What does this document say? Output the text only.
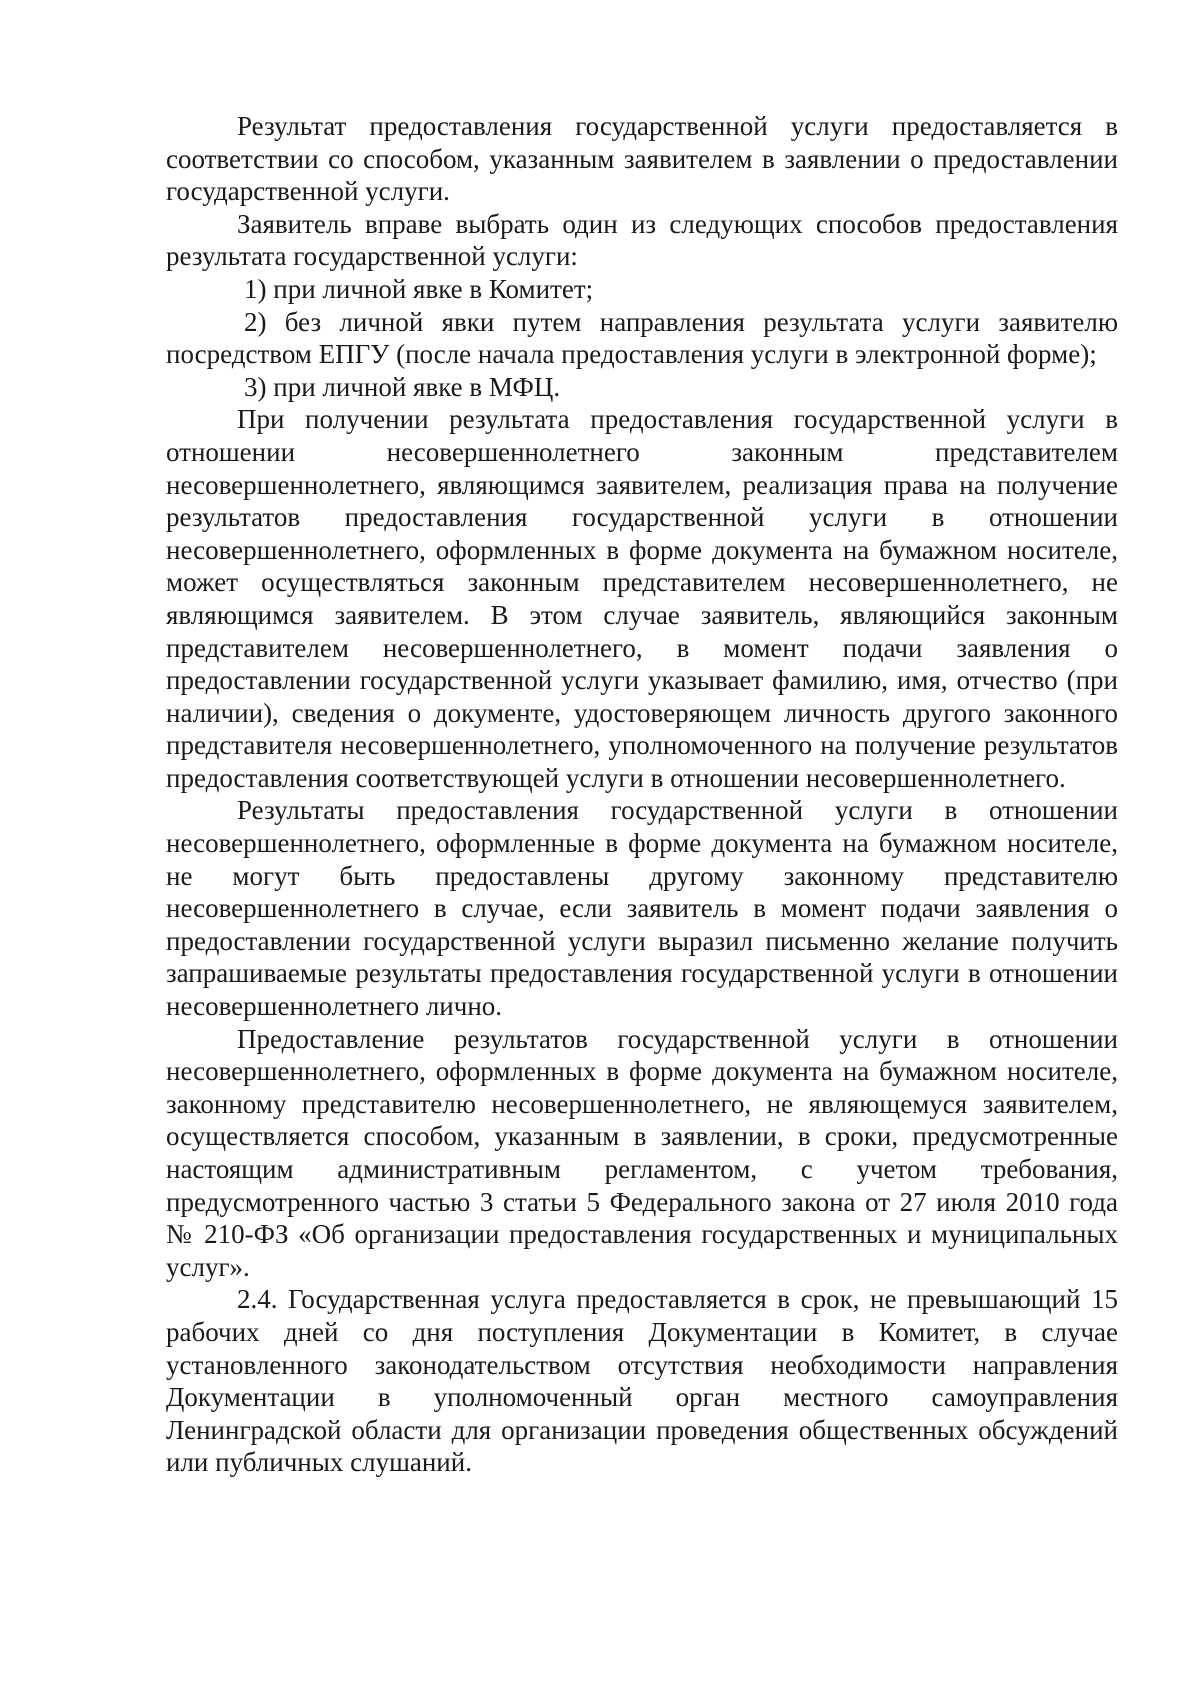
Результат предоставления государственной услуги предоставляется в соответствии со способом, указанным заявителем в заявлении о предоставлении государственной услуги.

Заявитель вправе выбрать один из следующих способов предоставления результата государственной услуги:

1) при личной явке в Комитет;

2) без личной явки путем направления результата услуги заявителю посредством ЕПГУ (после начала предоставления услуги в электронной форме);

3) при личной явке в МФЦ.

При получении результата предоставления государственной услуги в отношении несовершеннолетнего законным представителем несовершеннолетнего, являющимся заявителем, реализация права на получение результатов предоставления государственной услуги в отношении несовершеннолетнего, оформленных в форме документа на бумажном носителе, может осуществляться законным представителем несовершеннолетнего, не являющимся заявителем. В этом случае заявитель, являющийся законным представителем несовершеннолетнего, в момент подачи заявления о предоставлении государственной услуги указывает фамилию, имя, отчество (при наличии), сведения о документе, удостоверяющем личность другого законного представителя несовершеннолетнего, уполномоченного на получение результатов предоставления соответствующей услуги в отношении несовершеннолетнего.

Результаты предоставления государственной услуги в отношении несовершеннолетнего, оформленные в форме документа на бумажном носителе, не могут быть предоставлены другому законному представителю несовершеннолетнего в случае, если заявитель в момент подачи заявления о предоставлении государственной услуги выразил письменно желание получить запрашиваемые результаты предоставления государственной услуги в отношении несовершеннолетнего лично.

Предоставление результатов государственной услуги в отношении несовершеннолетнего, оформленных в форме документа на бумажном носителе, законному представителю несовершеннолетнего, не являющемуся заявителем, осуществляется способом, указанным в заявлении, в сроки, предусмотренные настоящим административным регламентом, с учетом требования, предусмотренного частью 3 статьи 5 Федерального закона от 27 июля 2010 года № 210-ФЗ «Об организации предоставления государственных и муниципальных услуг».

2.4. Государственная услуга предоставляется в срок, не превышающий 15 рабочих дней со дня поступления Документации в Комитет, в случае установленного законодательством отсутствия необходимости направления Документации в уполномоченный орган местного самоуправления Ленинградской области для организации проведения общественных обсуждений или публичных слушаний.
